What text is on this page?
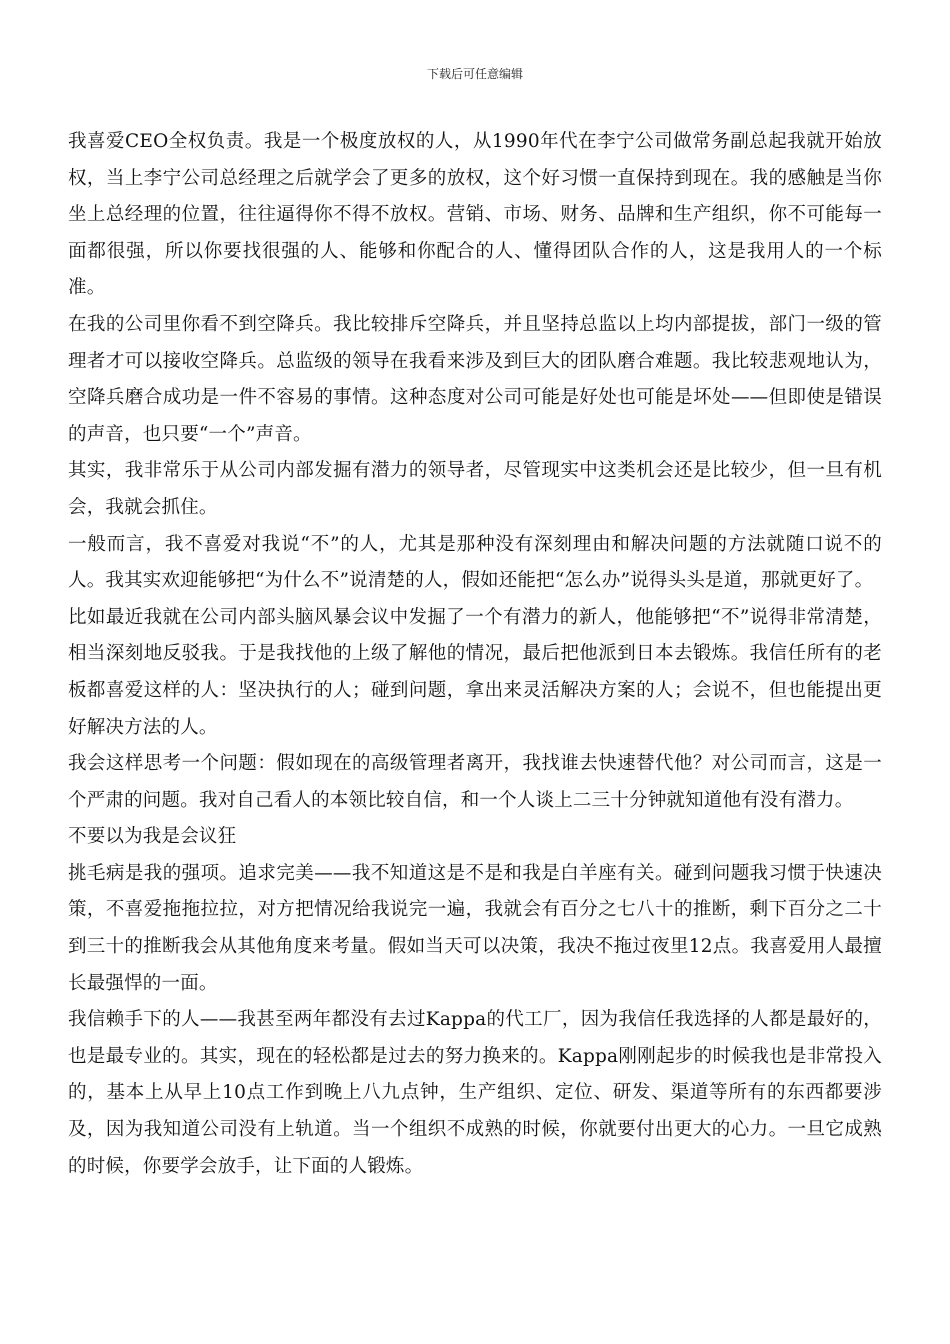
下载后可任意编辑

我喜爱CEO全权负责。我是一个极度放权的人，从1990年代在李宁公司做常务副总起我就开始放权，当上李宁公司总经理之后就学会了更多的放权，这个好习惯一直保持到现在。我的感触是当你坐上总经理的位置，往往逼得你不得不放权。营销、市场、财务、品牌和生产组织，你不可能每一面都很强，所以你要找很强的人、能够和你配合的人、懂得团队合作的人，这是我用人的一个标准。

在我的公司里你看不到空降兵。我比较排斥空降兵，并且坚持总监以上均内部提拔，部门一级的管理者才可以接收空降兵。总监级的领导在我看来涉及到巨大的团队磨合难题。我比较悲观地认为，空降兵磨合成功是一件不容易的事情。这种态度对公司可能是好处也可能是坏处——但即使是错误的声音，也只要“一个”声音。

其实，我非常乐于从公司内部发掘有潜力的领导者，尽管现实中这类机会还是比较少，但一旦有机会，我就会抓住。

一般而言，我不喜爱对我说“不”的人，尤其是那种没有深刻理由和解决问题的方法就随口说不的人。我其实欢迎能够把“为什么不”说清楚的人，假如还能把“怎么办”说得头头是道，那就更好了。

比如最近我就在公司内部头脑风暴会议中发掘了一个有潜力的新人，他能够把“不”说得非常清楚，相当深刻地反驳我。于是我找他的上级了解他的情况，最后把他派到日本去锻炼。我信任所有的老板都喜爱这样的人：坚决执行的人；碰到问题，拿出来灵活解决方案的人；会说不，但也能提出更好解决方法的人。

我会这样思考一个问题：假如现在的高级管理者离开，我找谁去快速替代他？对公司而言，这是一个严肃的问题。我对自己看人的本领比较自信，和一个人谈上二三十分钟就知道他有没有潜力。

不要以为我是会议狂

挑毛病是我的强项。追求完美——我不知道这是不是和我是白羊座有关。碰到问题我习惯于快速决策，不喜爱拖拖拉拉，对方把情况给我说完一遍，我就会有百分之七八十的推断，剩下百分之二十到三十的推断我会从其他角度来考量。假如当天可以决策，我决不拖过夜里12点。我喜爱用人最擅长最强悍的一面。

我信赖手下的人——我甚至两年都没有去过Kappa的代工厂，因为我信任我选择的人都是最好的，也是最专业的。其实，现在的轻松都是过去的努力换来的。Kappa刚刚起步的时候我也是非常投入的，基本上从早上10点工作到晚上八九点钟，生产组织、定位、研发、渠道等所有的东西都要涉及，因为我知道公司没有上轨道。当一个组织不成熟的时候，你就要付出更大的心力。一旦它成熟的时候，你要学会放手，让下面的人锻炼。
